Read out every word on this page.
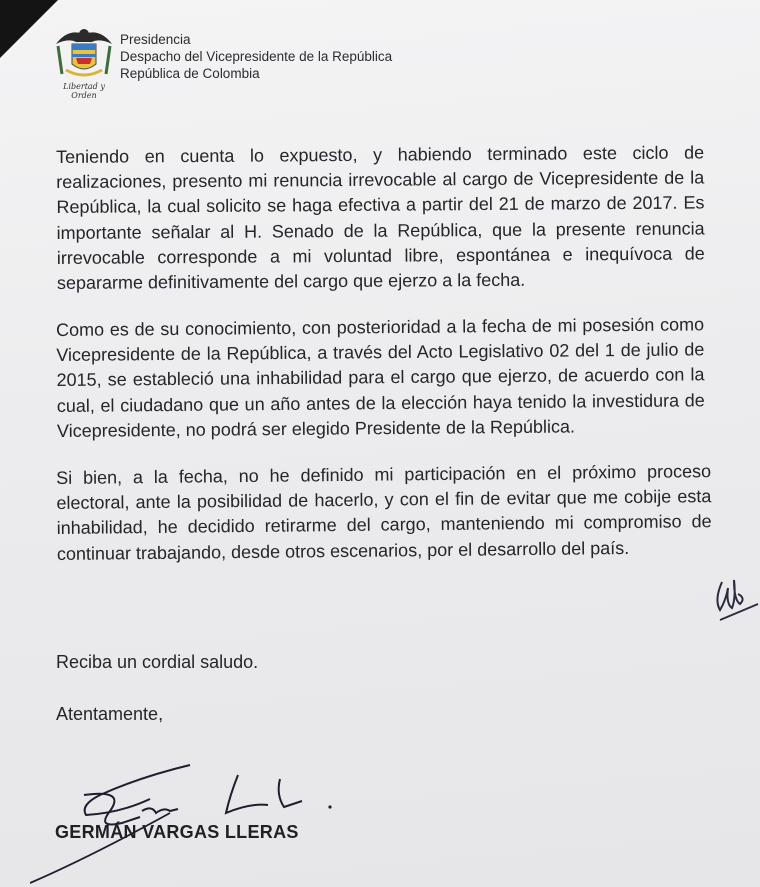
Libertad y Orden
Presidencia
Despacho del Vicepresidente de la República
República de Colombia

Teniendo en cuenta lo expuesto, y habiendo terminado este ciclo de realizaciones, presento mi renuncia irrevocable al cargo de Vicepresidente de la República, la cual solicito se haga efectiva a partir del 21 de marzo de 2017. Es importante señalar al H. Senado de la República, que la presente renuncia irrevocable corresponde a mi voluntad libre, espontánea e inequívoca de separarme definitivamente del cargo que ejerzo a la fecha.

Como es de su conocimiento, con posterioridad a la fecha de mi posesión como Vicepresidente de la República, a través del Acto Legislativo 02 del 1 de julio de 2015, se estableció una inhabilidad para el cargo que ejerzo, de acuerdo con la cual, el ciudadano que un año antes de la elección haya tenido la investidura de Vicepresidente, no podrá ser elegido Presidente de la República.

Si bien, a la fecha, no he definido mi participación en el próximo proceso electoral, ante la posibilidad de hacerlo, y con el fin de evitar que me cobije esta inhabilidad, he decidido retirarme del cargo, manteniendo mi compromiso de continuar trabajando, desde otros escenarios, por el desarrollo del país.

Reciba un cordial saludo.
Atentamente,
GERMÁN VARGAS LLERAS
